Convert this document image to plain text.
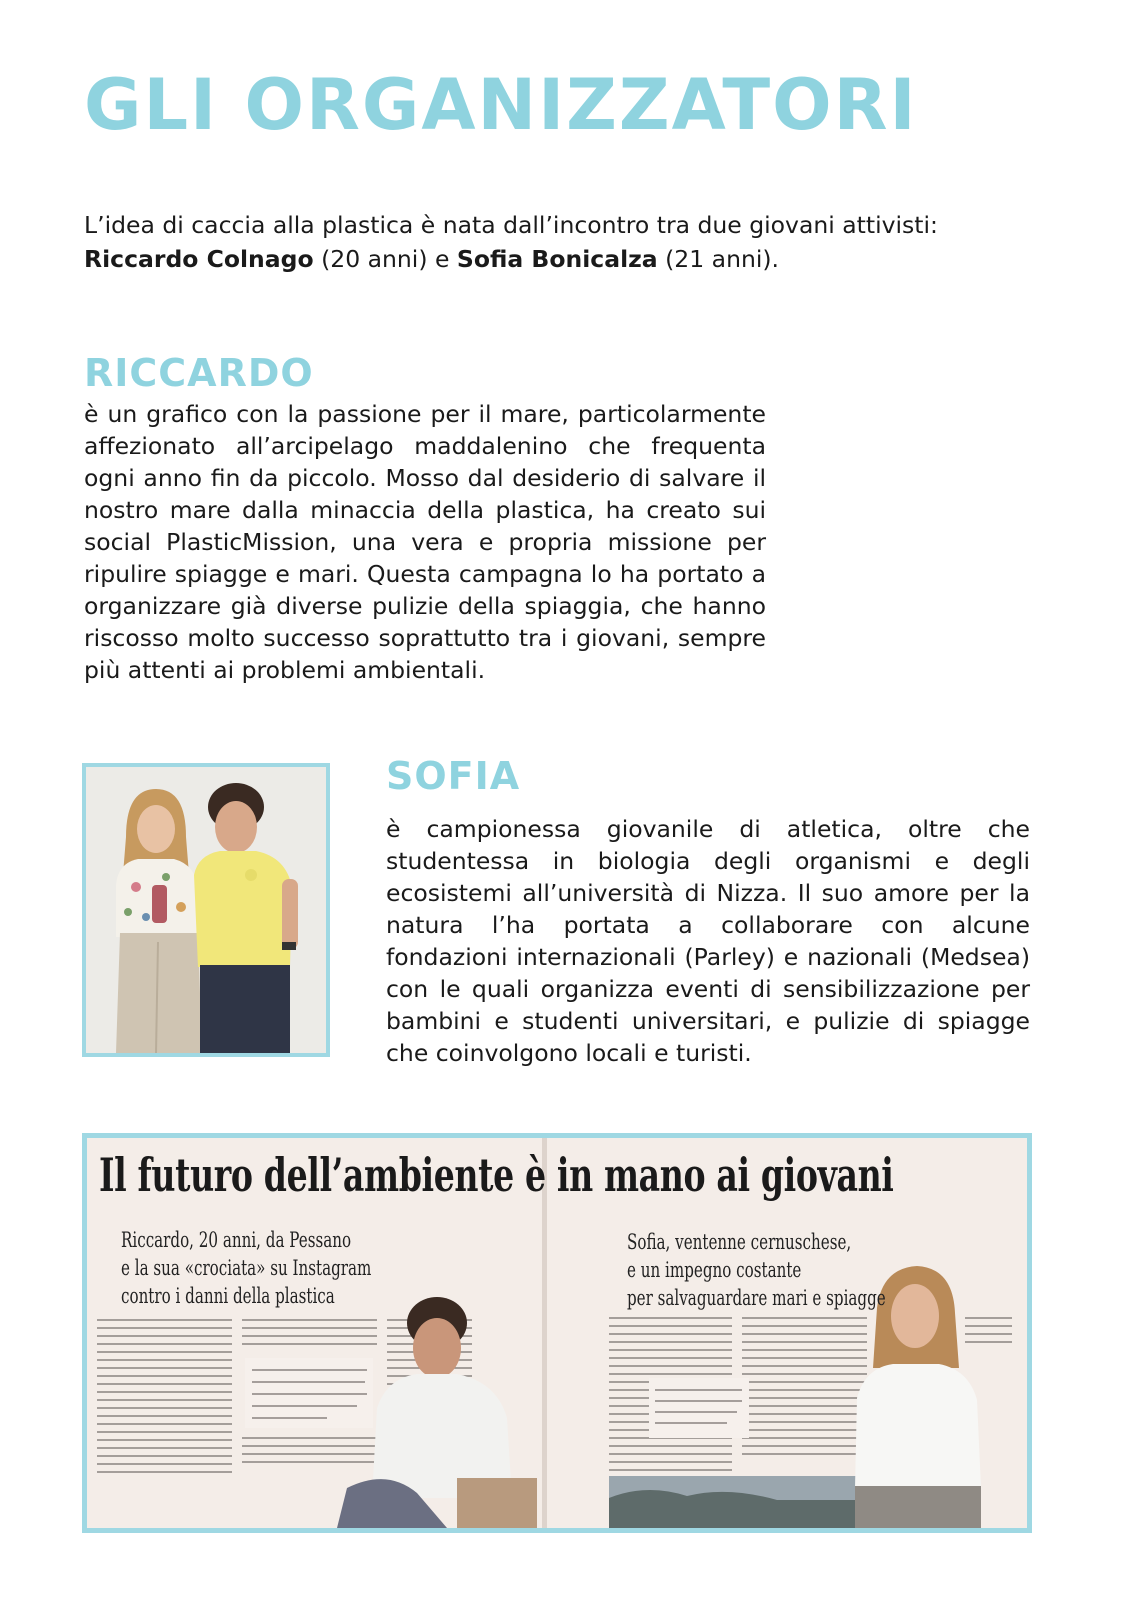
GLI ORGANIZZATORI

L’idea di caccia alla plastica è nata dall’incontro tra due giovani attivisti:
Riccardo Colnago (20 anni) e Sofia Bonicalza (21 anni).

RICCARDO

è un grafico con la passione per il mare, particolarmente affezionato all’arcipelago maddalenino che frequenta ogni anno fin da piccolo. Mosso dal desiderio di salvare il nostro mare dalla minaccia della plastica, ha creato sui social PlasticMission, una vera e propria missione per ripulire spiagge e mari. Questa campagna lo ha portato a organizzare già diverse pulizie della spiaggia, che hanno riscosso molto successo soprattutto tra i giovani, sempre più attenti ai problemi ambientali.

SOFIA

è campionessa giovanile di atletica, oltre che studentessa in biologia degli organismi e degli ecosistemi all’università di Nizza. Il suo amore per la natura l’ha portata a collaborare con alcune fondazioni internazionali (Parley) e nazionali (Medsea) con le quali organizza eventi di sensibilizzazione per bambini e studenti universitari, e pulizie di spiagge che coinvolgono locali e turisti.

Il futuro dell’ambiente è in mano ai giovani
Riccardo, 20 anni, da Pessano
e la sua «crociata» su Instagram
contro i danni della plastica
Sofia, ventenne cernuschese,
e un impegno costante
per salvaguardare mari e spiagge
